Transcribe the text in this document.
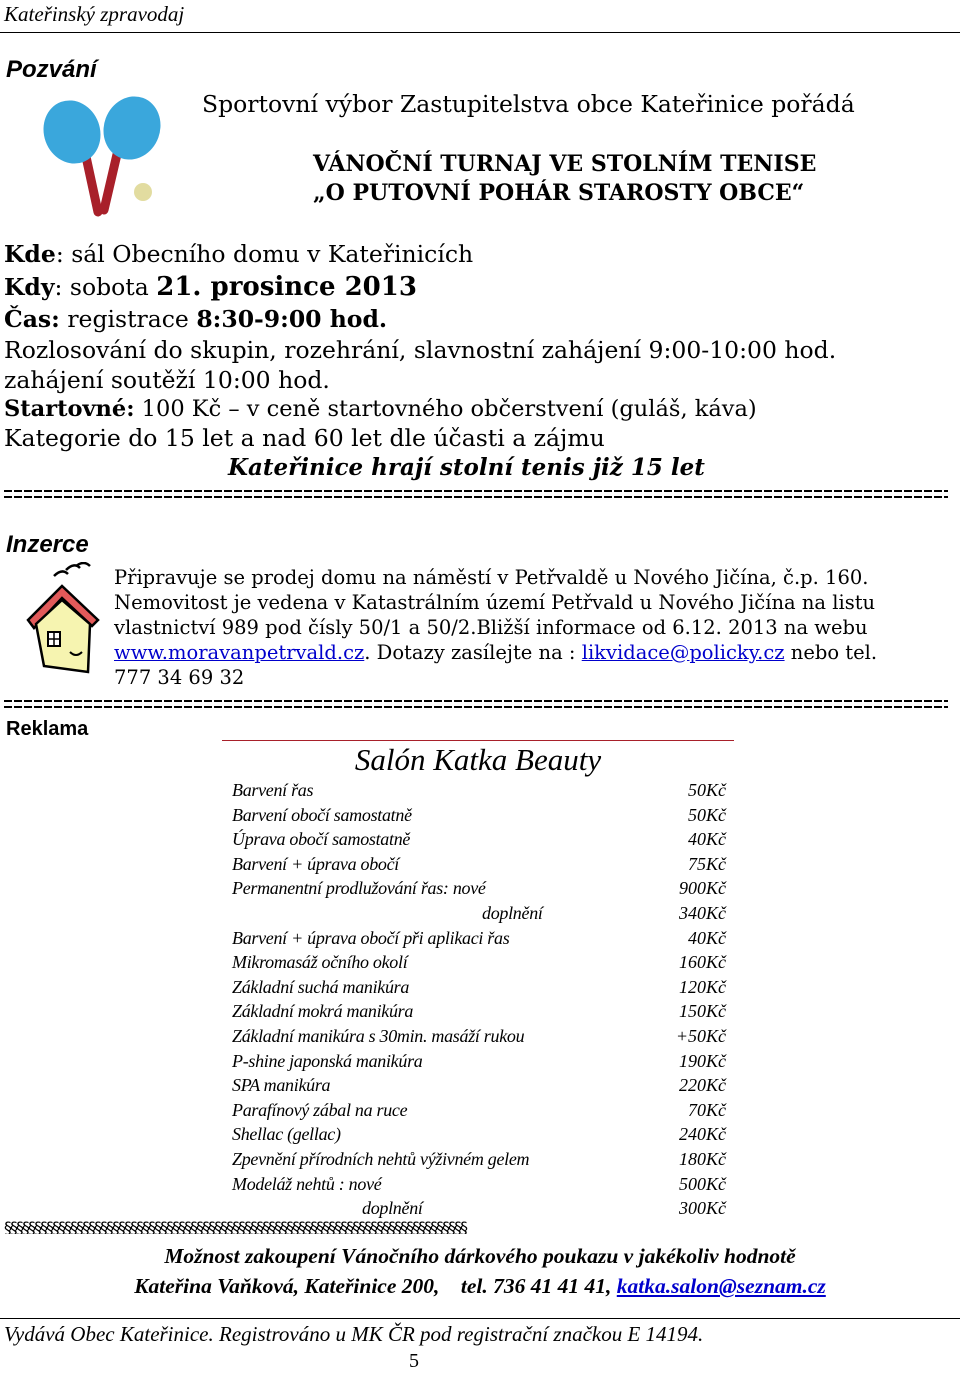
Kateřinský zpravodaj
Pozvání
Sportovní výbor Zastupitelstva obce Kateřinice pořádá
VÁNOČNÍ TURNAJ VE STOLNÍM TENISE
„O PUTOVNÍ POHÁR STAROSTY OBCE“
Kde: sál Obecního domu v Kateřinicích
Kdy: sobota 21. prosince 2013
Čas: registrace 8:30-9:00 hod.
Rozlosování do skupin, rozehrání, slavnostní zahájení 9:00-10:00 hod.
zahájení soutěží 10:00 hod.
Startovné: 100 Kč – v ceně startovného občerstvení (guláš, káva)
Kategorie do 15 let a nad 60 let dle účasti a zájmu
Kateřinice hrají stolní tenis již 15 let
Inzerce
Připravuje se prodej domu na náměstí v Petřvaldě u Nového Jičína, č.p. 160.
Nemovitost je vedena v Katastrálním území Petřvald u Nového Jičína na listu
vlastnictví 989 pod čísly 50/1 a 50/2.Bližší informace od 6.12. 2013 na webu
www.moravanpetrvald.cz. Dotazy zasílejte na : likvidace@policky.cz nebo tel.
777 34 69 32
Reklama
Salón Katka Beauty
Barvení řas	50Kč
Barvení obočí samostatně	50Kč
Úprava obočí samostatně	40Kč
Barvení + úprava obočí	75Kč
Permanentní prodlužování řas: nové	900Kč
doplnění	340Kč
Barvení + úprava obočí při aplikaci řas	40Kč
Mikromasáž očního okolí	160Kč
Základní suchá manikúra	120Kč
Základní mokrá manikúra	150Kč
Základní manikúra s 30min. masáží rukou	+50Kč
P-shine japonská manikúra	190Kč
SPA manikúra	220Kč
Parafínový zábal na ruce	70Kč
Shellac (gellac)	240Kč
Zpevnění přírodních nehtů výživném gelem	180Kč
Modeláž nehtů : nové	500Kč
doplnění	300Kč
§§§§§§§§§§§§§§§§§§§§§§§§§§§§§§§§§§§§§§§§§§§§§§§§§§§§§§§§§§§§§§§§§§§§§§§§§§§§§
Možnost zakoupení Vánočního dárkového poukazu v jakékoliv hodnotě
Kateřina Vaňková, Kateřinice 200,    tel. 736 41 41 41, katka.salon@seznam.cz
Vydává Obec Kateřinice. Registrováno u MK ČR pod registrační značkou E 14194.
5
